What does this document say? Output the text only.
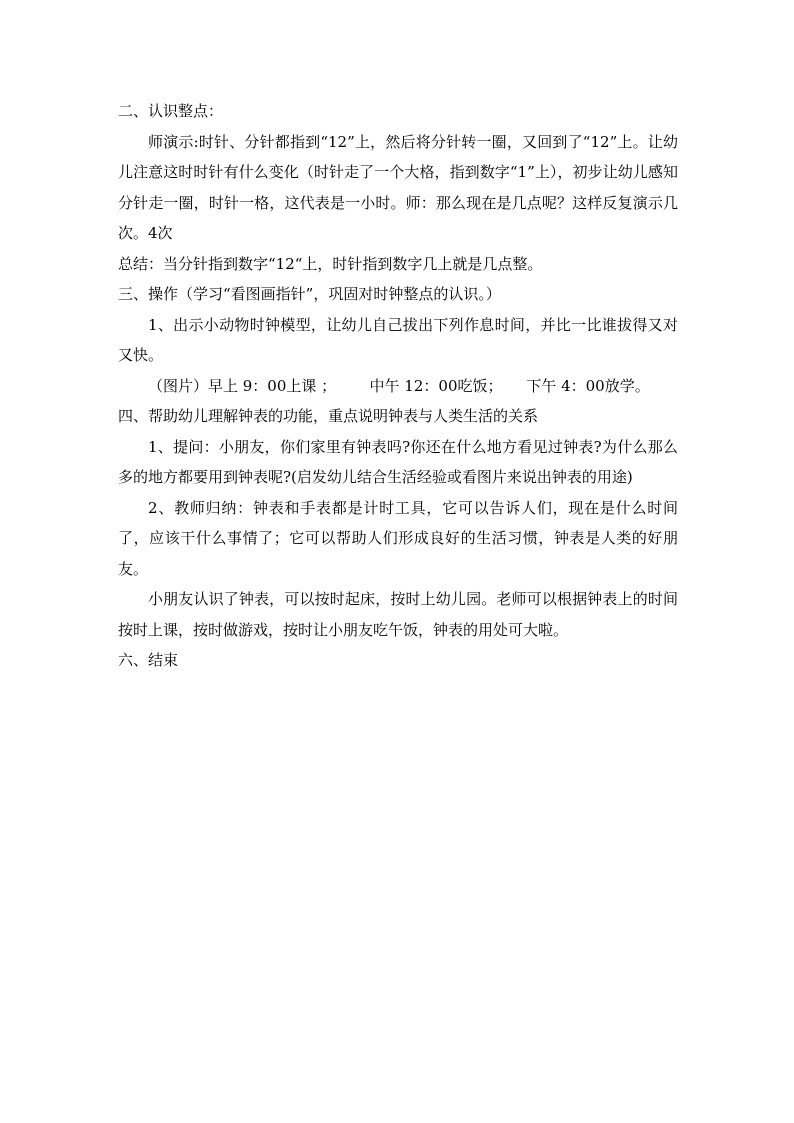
二、认识整点：

师演示:时针、分针都指到“12”上，然后将分针转一圈，又回到了“12”上。让幼儿注意这时时针有什么变化（时针走了一个大格，指到数字“1”上），初步让幼儿感知分针走一圈，时针一格，这代表是一小时。师：那么现在是几点呢？这样反复演示几次。4次

总结：当分针指到数字“12“上，时针指到数字几上就是几点整。

三、操作（学习“看图画指针”，巩固对时钟整点的认识。）

1、出示小动物时钟模型，让幼儿自己拔出下列作息时间，并比一比谁拔得又对又快。

（图片）早上 9：00上课 ；       中午 12：00吃饭；     下午 4：00放学。

四、帮助幼儿理解钟表的功能，重点说明钟表与人类生活的关系

1、提问：小朋友，你们家里有钟表吗?你还在什么地方看见过钟表?为什么那么多的地方都要用到钟表呢?(启发幼儿结合生活经验或看图片来说出钟表的用途)

2、教师归纳：钟表和手表都是计时工具，它可以告诉人们，现在是什么时间了，应该干什么事情了；它可以帮助人们形成良好的生活习惯，钟表是人类的好朋友。

小朋友认识了钟表，可以按时起床，按时上幼儿园。老师可以根据钟表上的时间按时上课，按时做游戏，按时让小朋友吃午饭，钟表的用处可大啦。

六、结束
